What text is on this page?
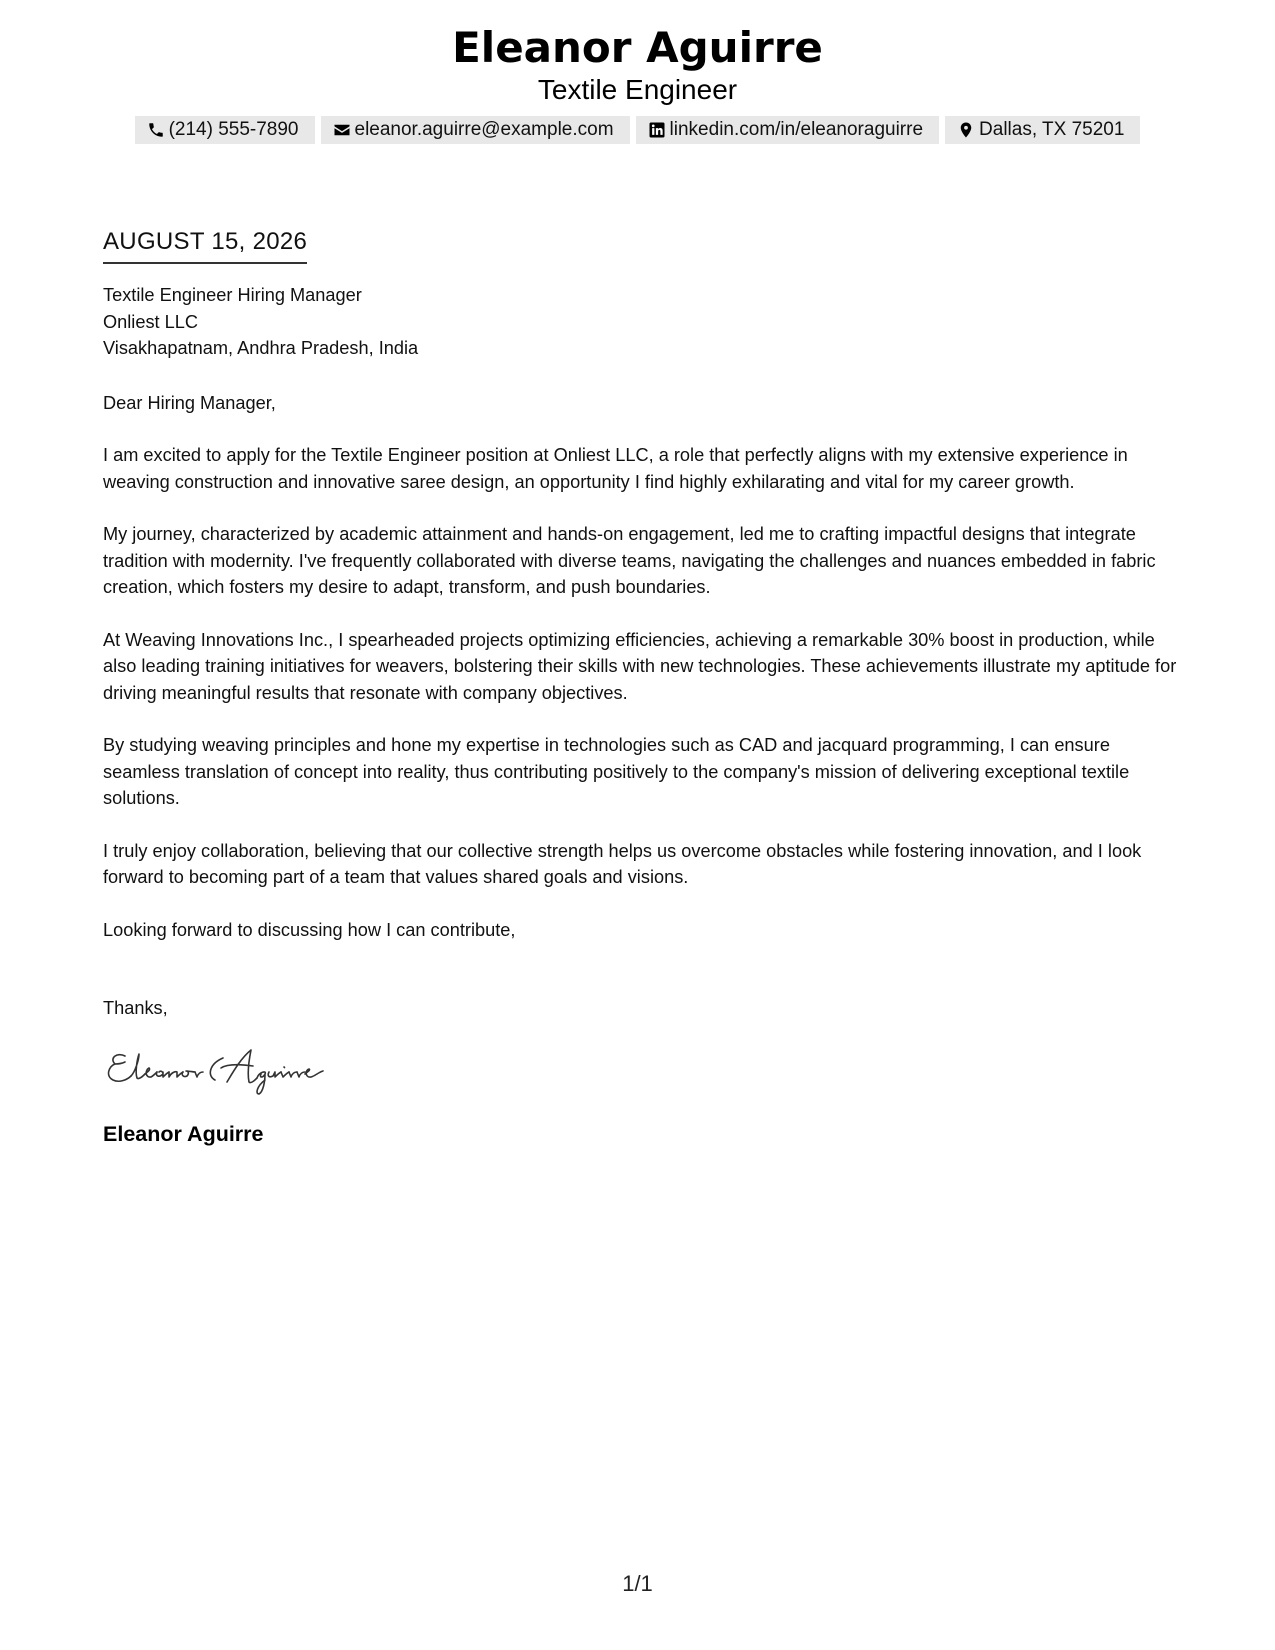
Eleanor Aguirre
Textile Engineer
(214) 555-7890	eleanor.aguirre@example.com	linkedin.com/in/eleanoraguirre	Dallas, TX 75201
AUGUST 15, 2026
Textile Engineer Hiring Manager
Onliest LLC
Visakhapatnam, Andhra Pradesh, India
Dear Hiring Manager,
I am excited to apply for the Textile Engineer position at Onliest LLC, a role that perfectly aligns with my extensive experience in weaving construction and innovative saree design, an opportunity I find highly exhilarating and vital for my career growth.
My journey, characterized by academic attainment and hands-on engagement, led me to crafting impactful designs that integrate tradition with modernity. I've frequently collaborated with diverse teams, navigating the challenges and nuances embedded in fabric creation, which fosters my desire to adapt, transform, and push boundaries.
At Weaving Innovations Inc., I spearheaded projects optimizing efficiencies, achieving a remarkable 30% boost in production, while also leading training initiatives for weavers, bolstering their skills with new technologies. These achievements illustrate my aptitude for driving meaningful results that resonate with company objectives.
By studying weaving principles and hone my expertise in technologies such as CAD and jacquard programming, I can ensure seamless translation of concept into reality, thus contributing positively to the company's mission of delivering exceptional textile solutions.
I truly enjoy collaboration, believing that our collective strength helps us overcome obstacles while fostering innovation, and I look forward to becoming part of a team that values shared goals and visions.
Looking forward to discussing how I can contribute,
Thanks,
Eleanor Aguirre
1/1
